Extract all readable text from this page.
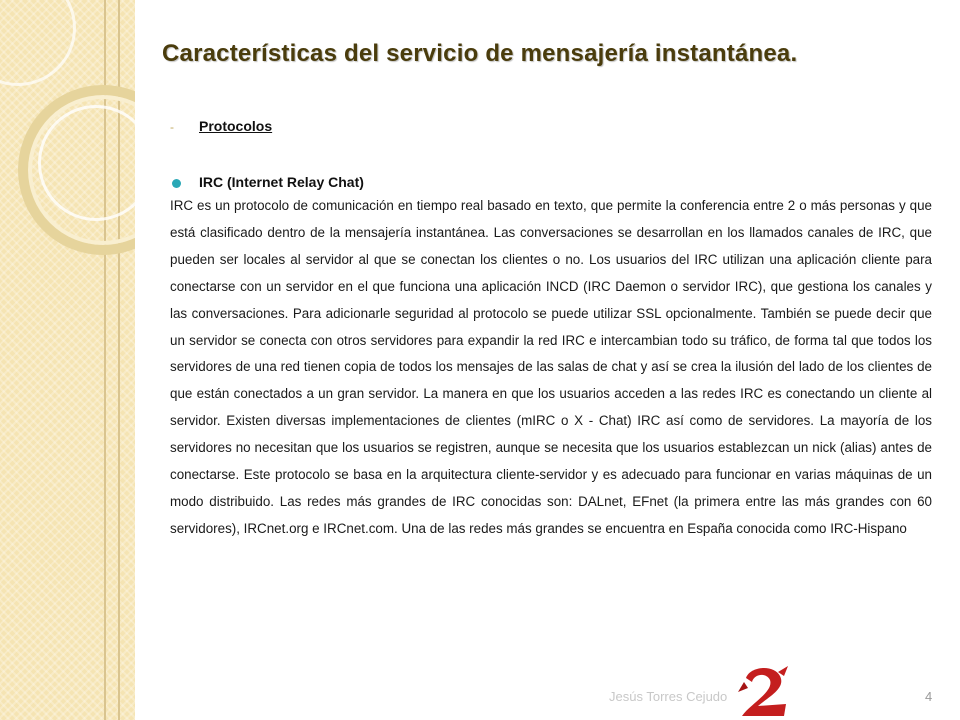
Características del servicio de mensajería instantánea.
- Protocolos
IRC (Internet Relay Chat)

IRC es un protocolo de comunicación en tiempo real basado en texto, que permite la conferencia entre 2 o más personas y que está clasificado dentro de la mensajería instantánea. Las conversaciones se desarrollan en los llamados canales de IRC, que pueden ser locales al servidor al que se conectan los clientes o no. Los usuarios del IRC utilizan una aplicación cliente para conectarse con un servidor en el que funciona una aplicación INCD (IRC Daemon o servidor IRC), que gestiona los canales y las conversaciones. Para adicionarle seguridad al protocolo se puede utilizar SSL opcionalmente. También se puede decir que un servidor se conecta con otros servidores para expandir la red IRC e intercambian todo su tráfico, de forma tal que todos los servidores de una red tienen copia de todos los mensajes de las salas de chat y así se crea la ilusión del lado de los clientes de que están conectados a un gran servidor. La manera en que los usuarios acceden a las redes IRC es conectando un cliente al servidor. Existen diversas implementaciones de clientes (mIRC o X - Chat) IRC así como de servidores. La mayoría de los servidores no necesitan que los usuarios se registren, aunque se necesita que los usuarios establezcan un nick (alias) antes de conectarse. Este protocolo se basa en la arquitectura cliente-servidor y es adecuado para funcionar en varias máquinas de un modo distribuido. Las redes más grandes de IRC conocidas son: DALnet, EFnet (la primera entre las más grandes con 60 servidores), IRCnet.org e IRCnet.com. Una de las redes más grandes se encuentra en España conocida como IRC-Hispano

Jesús Torres Cejudo	4
